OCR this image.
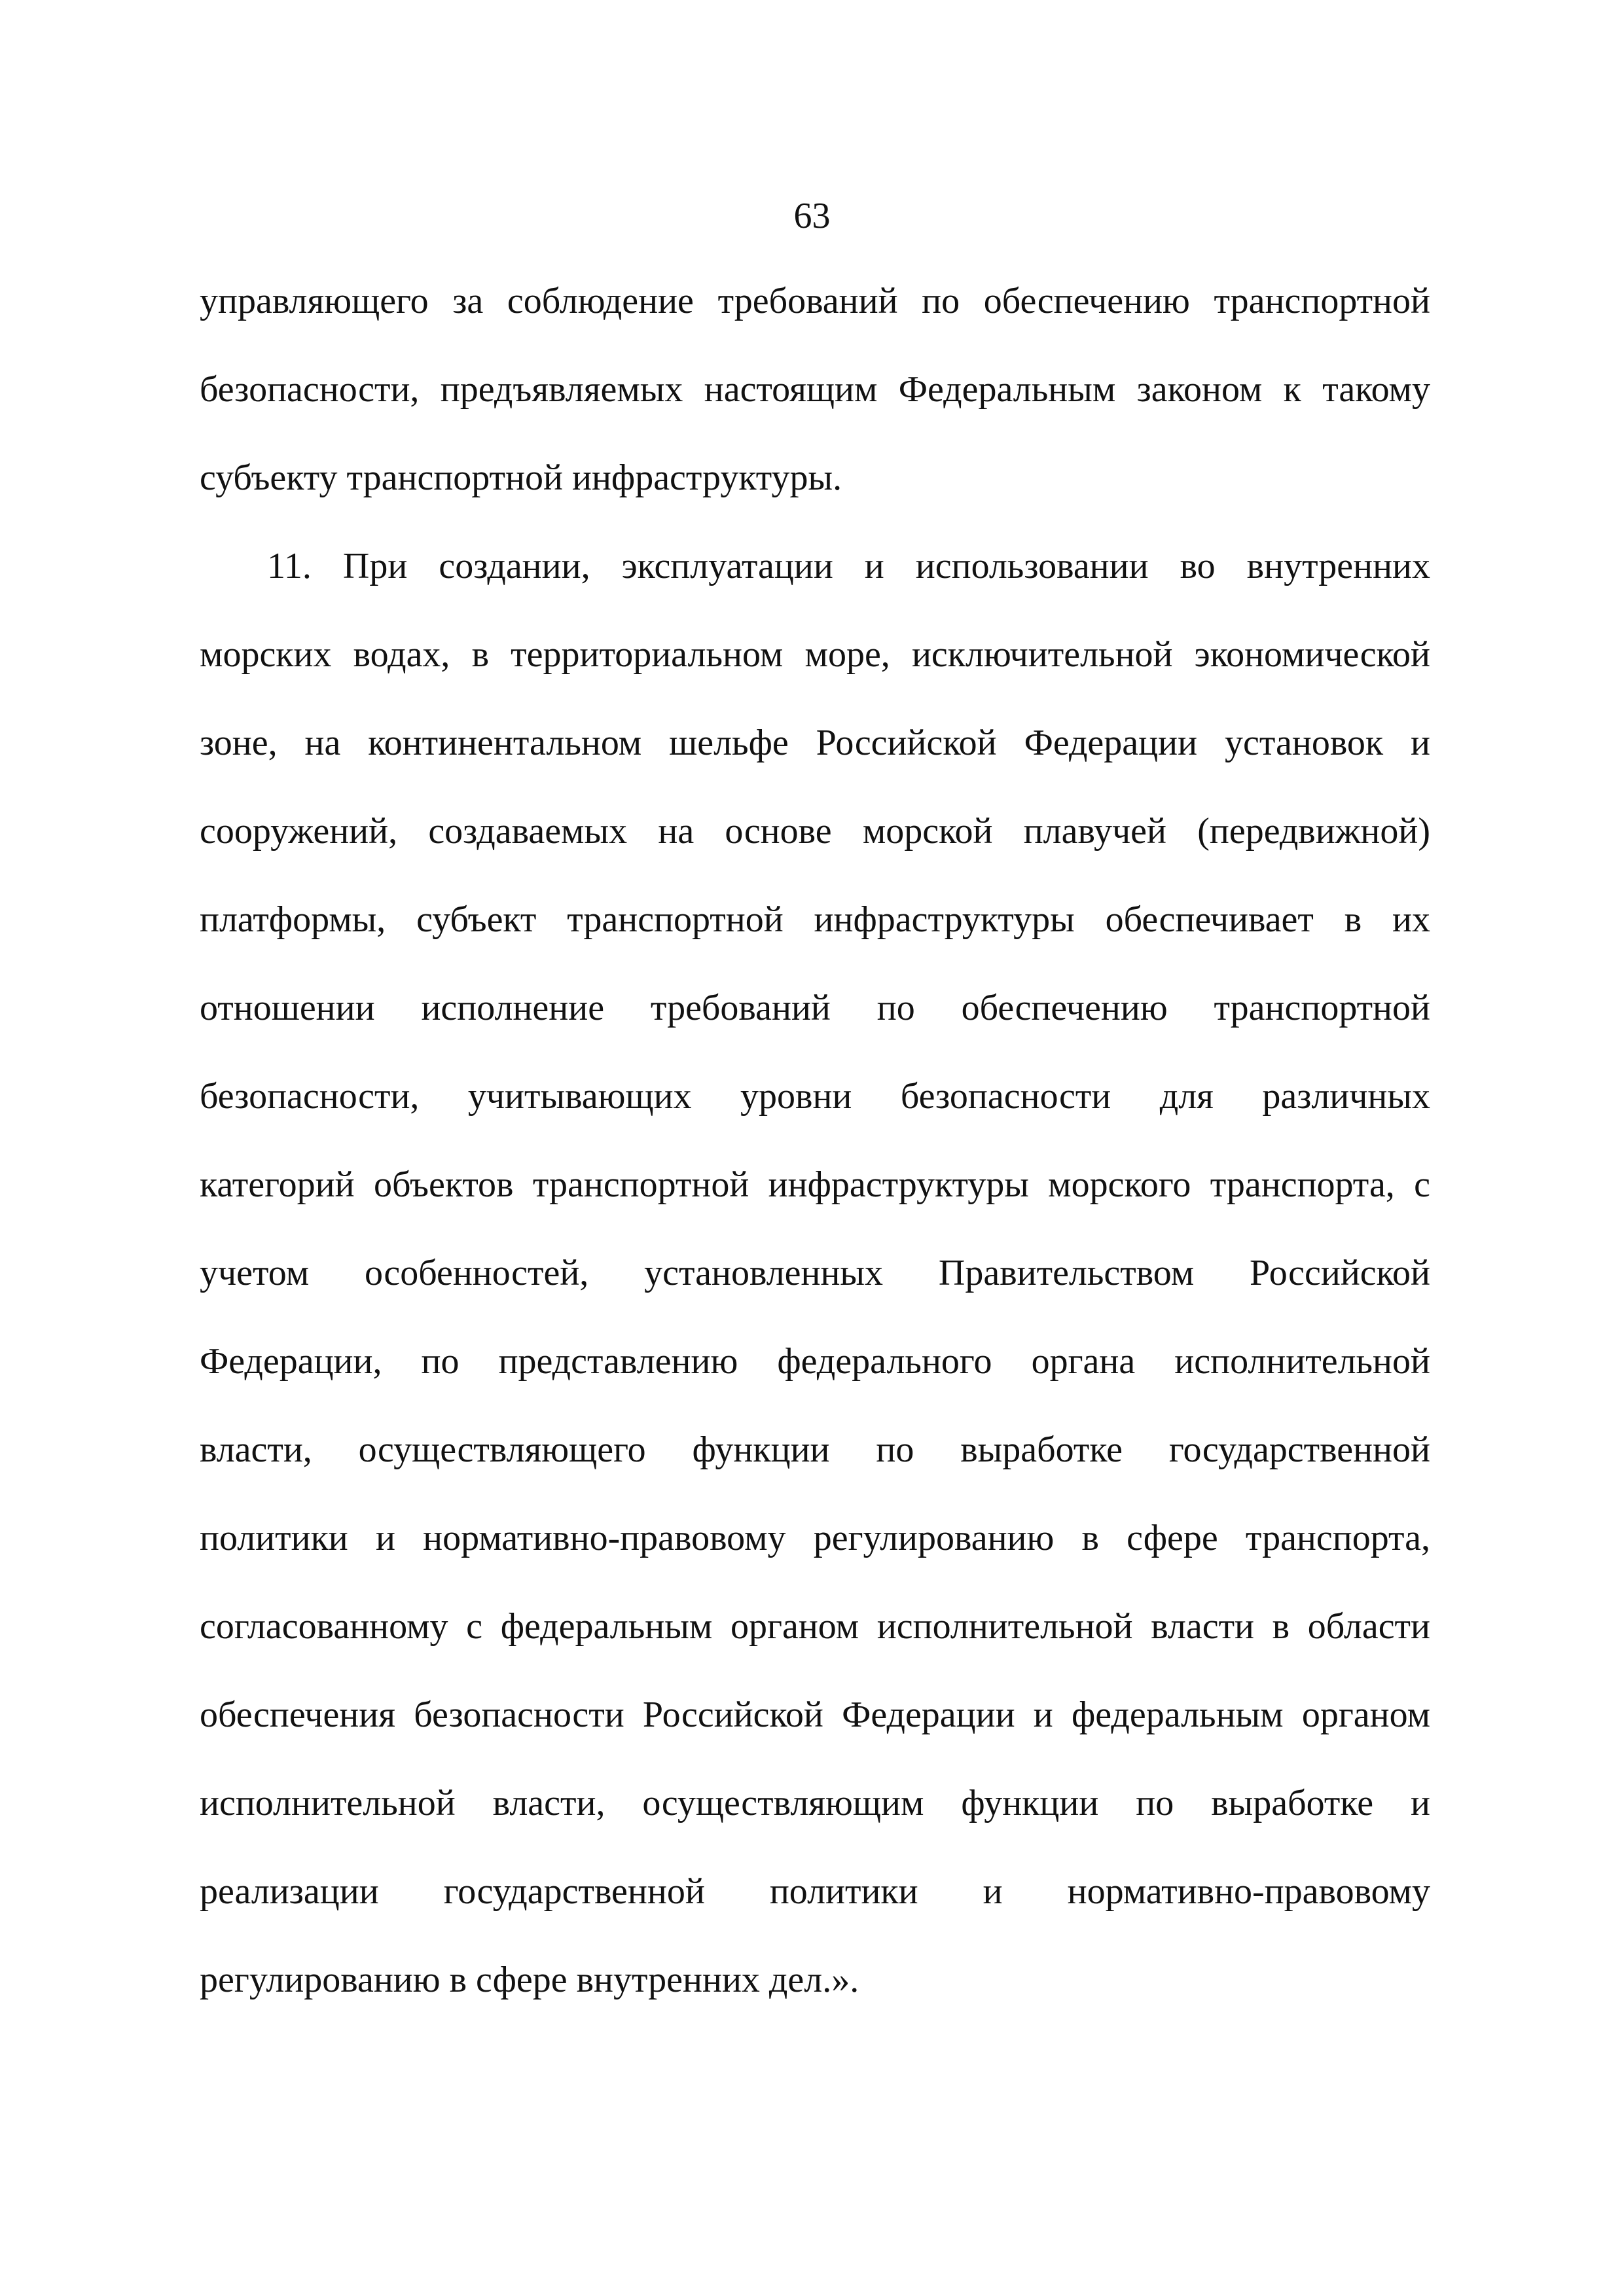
63
управляющего за соблюдение требований по обеспечению транспортной
безопасности, предъявляемых настоящим Федеральным законом к такому
субъекту транспортной инфраструктуры.
11. При создании, эксплуатации и использовании во внутренних
морских водах, в территориальном море, исключительной экономической
зоне, на континентальном шельфе Российской Федерации установок и
сооружений, создаваемых на основе морской плавучей (передвижной)
платформы, субъект транспортной инфраструктуры обеспечивает в их
отношении исполнение требований по обеспечению транспортной
безопасности, учитывающих уровни безопасности для различных
категорий объектов транспортной инфраструктуры морского транспорта, с
учетом особенностей, установленных Правительством Российской
Федерации, по представлению федерального органа исполнительной
власти, осуществляющего функции по выработке государственной
политики и нормативно-правовому регулированию в сфере транспорта,
согласованному с федеральным органом исполнительной власти в области
обеспечения безопасности Российской Федерации и федеральным органом
исполнительной власти, осуществляющим функции по выработке и
реализации государственной политики и нормативно-правовому
регулированию в сфере внутренних дел.».
